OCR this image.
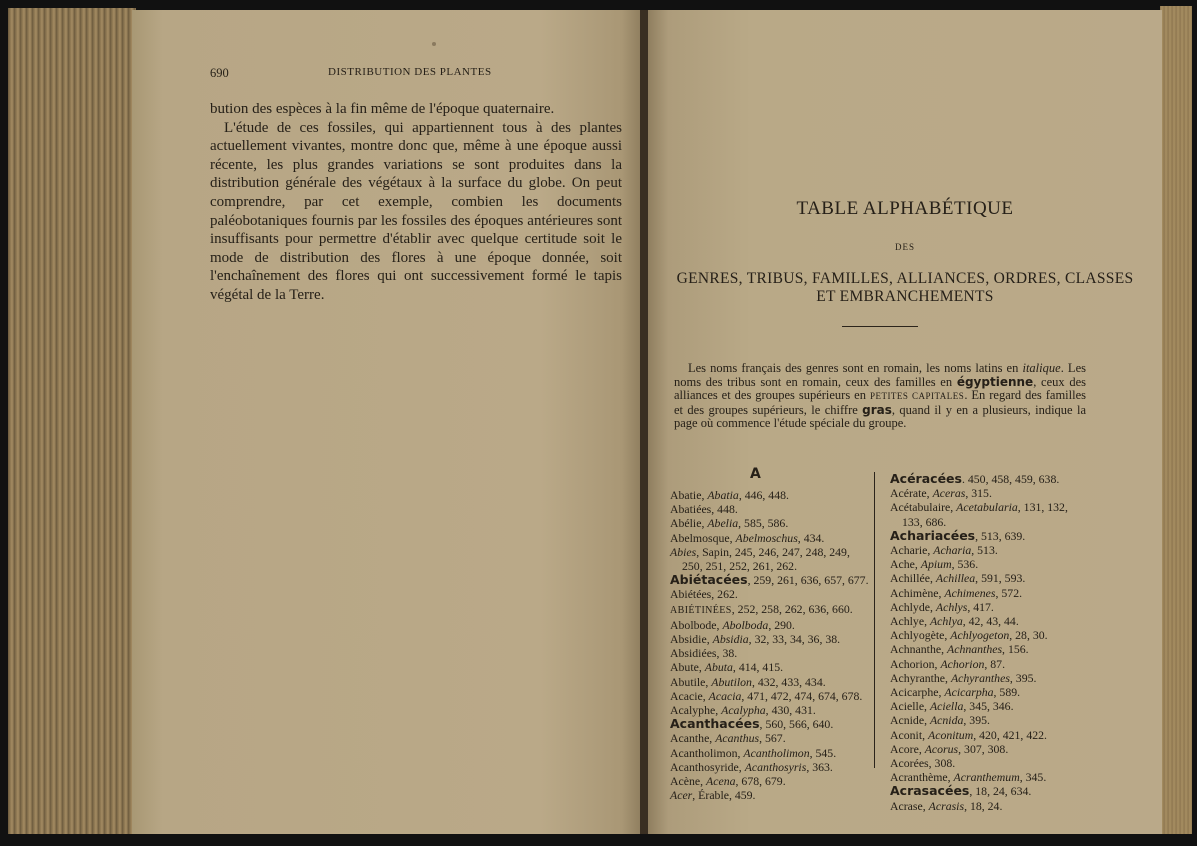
690	DISTRIBUTION DES PLANTES

bution des espèces à la fin même de l'époque quaternaire.

L'étude de ces fossiles, qui appartiennent tous à des plantes actuellement vivantes, montre donc que, même à une époque aussi récente, les plus grandes variations se sont produites dans la distribution générale des végétaux à la surface du globe. On peut comprendre, par cet exemple, combien les documents paléobotaniques fournis par les fossiles des époques antérieures sont insuffisants pour permettre d'établir avec quelque certitude soit le mode de distribution des flores à une époque donnée, soit l'enchaînement des flores qui ont successivement formé le tapis végétal de la Terre.

TABLE ALPHABÉTIQUE
DES
GENRES, TRIBUS, FAMILLES, ALLIANCES, ORDRES, CLASSES
ET EMBRANCHEMENTS
Les noms français des genres sont en romain, les noms latins en italique. Les noms des tribus sont en romain, ceux des familles en égyptienne, ceux des alliances et des groupes supérieurs en PETITES CAPITALES. En regard des familles et des groupes supérieurs, le chiffre gras, quand il y en a plusieurs, indique la page où commence l'étude spéciale du groupe.
A

Abatie, Abatia, 446, 448.

Abatiées, 448.

Abélie, Abelia, 585, 586.

Abelmosque, Abelmoschus, 434.

Abies, Sapin, 245, 246, 247, 248, 249, 250, 251, 252, 261, 262.

Abiétacées, 259, 261, 636, 657, 677.

Abiétées, 262.

ABIÉTINÉES, 252, 258, 262, 636, 660.

Abolbode, Abolboda, 290.

Absidie, Absidia, 32, 33, 34, 36, 38.

Absidiées, 38.

Abute, Abuta, 414, 415.

Abutile, Abutilon, 432, 433, 434.

Acacie, Acacia, 471, 472, 474, 674, 678.

Acalyphe, Acalypha, 430, 431.

Acanthacées, 560, 566, 640.

Acanthe, Acanthus, 567.

Acantholimon, Acantholimon, 545.

Acanthosyride, Acanthosyris, 363.

Acène, Acena, 678, 679.

Acer, Érable, 459.

Acéracées. 450, 458, 459, 638.

Acérate, Aceras, 315.

Acétabulaire, Acetabularia, 131, 132, 133, 686.

Achariacées, 513, 639.

Acharie, Acharia, 513.

Ache, Apium, 536.

Achillée, Achillea, 591, 593.

Achimène, Achimenes, 572.

Achlyde, Achlys, 417.

Achlye, Achlya, 42, 43, 44.

Achlyogète, Achlyogeton, 28, 30.

Achnanthe, Achnanthes, 156.

Achorion, Achorion, 87.

Achyranthe, Achyranthes, 395.

Acicarphe, Acicarpha, 589.

Acielle, Aciella, 345, 346.

Acnide, Acnida, 395.

Aconit, Aconitum, 420, 421, 422.

Acore, Acorus, 307, 308.

Acorées, 308.

Acranthème, Acranthemum, 345.

Acrasacées, 18, 24, 634.

Acrase, Acrasis, 18, 24.
